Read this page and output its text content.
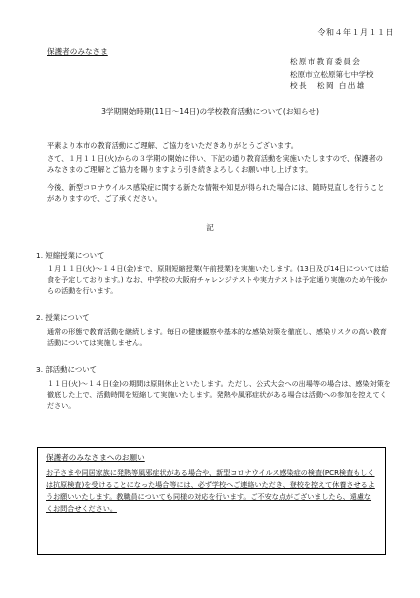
令和４年１月１１日
保護者のみなさま
松原市教育委員会
松原市立松原第七中学校
校長　松岡 白出雄
3学期開始時期(11日〜14日)の学校教育活動について(お知らせ)
平素より本市の教育活動にご理解、ご協力をいただきありがとうございます。
さて、１月１１日(火)からの３学期の開始に伴い、下記の通り教育活動を実施いたしますので、保護者のみなさまのご理解とご協力を賜りますよう引き続きよろしくお願い申し上げます。
今後、新型コロナウイルス感染症に関する新たな情報や知見が得られた場合には、随時見直しを行うことがありますので、ご了承ください。
記
1. 短縮授業について
１月１１日(火)〜１４日(金)まで、原則短縮授業(午前授業)を実施いたします。(13日及び14日については給食を予定しております。) なお、中学校の大阪府チャレンジテストや実力テストは予定通り実施のため午後からの活動を行います。
2. 授業について
通常の形態で教育活動を継続します。毎日の健康観察や基本的な感染対策を徹底し、感染リスクの高い教育活動については実施しません。
3. 部活動について
１１日(火)〜１４日(金)の期間は原則休止といたします。ただし、公式大会への出場等の場合は、感染対策を徹底した上で、活動時間を短縮して実施いたします。発熱や風邪症状がある場合は活動への参加を控えてください。
保護者のみなさまへのお願い
お子さまや同居家族に発熱等風邪症状がある場合や、新型コロナウイルス感染症の検査(PCR検査もしくは抗原検査)を受けることになった場合等には、必ず学校へご連絡いただき、登校を控えて休養させるようお願いいたします。教職員についても同様の対応を行います。ご不安な点がございましたら、遠慮なくお問合せください。
